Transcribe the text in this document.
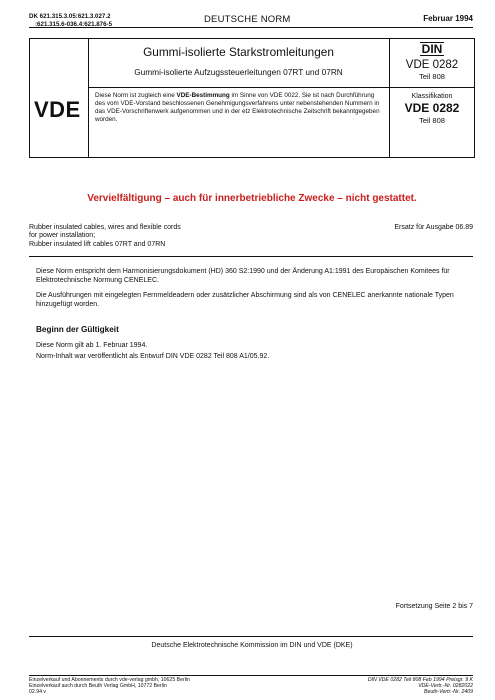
DK 621.315.3.05:621.3.027.2
:621.315.6-036.4:621.876-5	DEUTSCHE NORM	Februar 1994
Gummi-isolierte Starkstromleitungen
Gummi-isolierte Aufzugssteuerleitungen 07RT und 07RN
VDE
Diese Norm ist zugleich eine VDE-Bestimmung im Sinne von VDE 0022. Sie ist nach Durchführung des vom VDE-Vorstand beschlossenen Genehmigungsverfahrens unter nebenstehenden Nummern in das VDE-Vorschriftenwerk aufgenommen und in der etz Elektrotechnische Zeitschrift bekanntgegeben worden.
DIN
VDE 0282
Teil 808
Klassifikation
VDE 0282
Teil 808
Vervielfältigung – auch für innerbetriebliche Zwecke – nicht gestattet.
Rubber insulated cables, wires and flexible cords
for power installation;
Rubber insulated lift cables 07RT and 07RN
Ersatz für Ausgabe 06.89
Diese Norm entspricht dem Harmonisierungsdokument (HD) 360 S2:1990 und der Änderung A1:1991 des Europäischen Komitees für Elektrotechnische Normung CENELEC.
Die Ausführungen mit eingelegten Fernmeldeadern oder zusätzlicher Abschirmung sind als von CENELEC anerkannte nationale Typen hinzugefügt worden.
Beginn der Gültigkeit
Diese Norm gilt ab 1. Februar 1994.
Norm-Inhalt war veröffentlicht als Entwurf DIN VDE 0282 Teil 808 A1/05.92.
Fortsetzung Seite 2 bis 7
Deutsche Elektrotechnische Kommission im DIN und VDE (DKE)
Einzelverkauf und Abonnements durch vde-verlag gmbh, 10625 Berlin
Einzelverkauf auch durch Beuth Verlag GmbH, 10772 Berlin
02.94 v
DIN VDE 0282 Teil 808 Feb 1994 Preisgr. 9 K
VDE-Vertr.-Nr. 0282022
Beuth-Vertr.-Nr. 2409
